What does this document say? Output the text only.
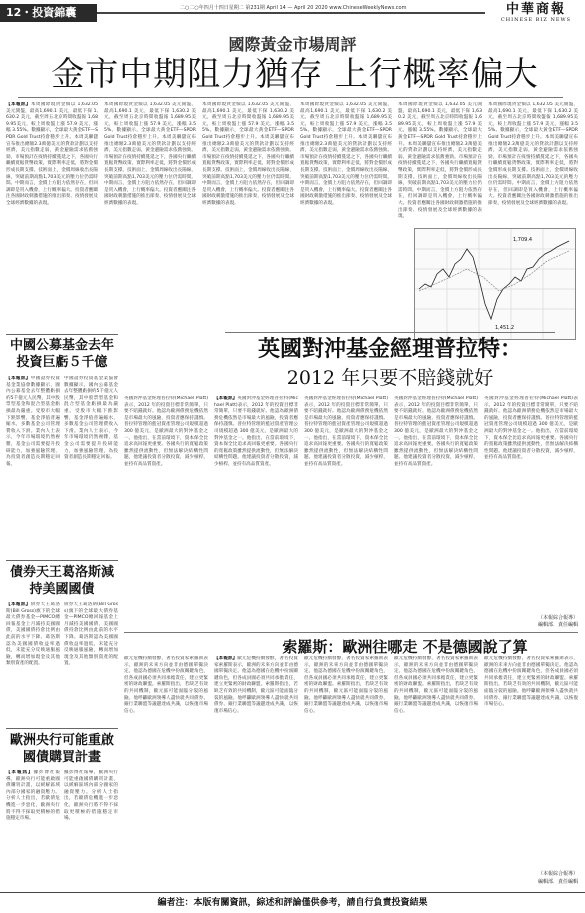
12・投資錦囊	二○二○年四月十四日星期二 第231期 April 14 — April 20 2020 www.ChineseWeeklyNews.com	中華商報
CHINESE BIZ NEWS
國際黃金市場周評
金市中期阻力猶存 上行概率偏大
【本報訊】本周國際現貨金價以 1,632.05 美元開盤，最高1,690.1 美元，最低下探 1,630.2 美元，截至周五北京時間收盤報 1,689.95美元，較上周收盤上漲 57.9 美元，漲幅 3.55%。數據顯示，全球最大黃金ETF—SPDR Gold Trust持倉穩步上升。本周美聯儲宣布推出總額2.3萬億美元的貸款計劃以支持經濟，美元指數走弱，黃金避險需求依舊強勁。市場預計在疫情持續蔓延之下，各國央行繼續寬鬆貨幣政策，實際利率走低，將對金價形成長期支撐。技術面上，金價周線收出長陽線，突破前期高點1,703美元的壓力位仍需時間。中期而言，金價上方阻力依然存在，但回調即是買入機會，上行概率偏大。投資者應關注各國財政刺激措施的推出節奏、疫情發展及全球經濟數據的表現。
本周國際現貨金價以 1,632.05 美元開盤，最高1,690.1 美元，最低下探 1,630.2 美元，截至周五北京時間收盤報 1,689.95美元，較上周收盤上漲 57.9 美元，漲幅 3.55%。數據顯示，全球最大黃金ETF—SPDR Gold Trust持倉穩步上升。本周美聯儲宣布推出總額2.3萬億美元的貸款計劃以支持經濟，美元指數走弱，黃金避險需求依舊強勁。市場預計在疫情持續蔓延之下，各國央行繼續寬鬆貨幣政策，實際利率走低，將對金價形成長期支撐。技術面上，金價周線收出長陽線，突破前期高點1,703美元的壓力位仍需時間。中期而言，金價上方阻力依然存在，但回調即是買入機會，上行概率偏大。投資者應關注各國財政刺激措施的推出節奏、疫情發展及全球經濟數據的表現。
本周國際現貨金價以 1,632.05 美元開盤，最高1,690.1 美元，最低下探 1,630.2 美元，截至周五北京時間收盤報 1,689.95美元，較上周收盤上漲 57.9 美元，漲幅 3.55%。數據顯示，全球最大黃金ETF—SPDR Gold Trust持倉穩步上升。本周美聯儲宣布推出總額2.3萬億美元的貸款計劃以支持經濟，美元指數走弱，黃金避險需求依舊強勁。市場預計在疫情持續蔓延之下，各國央行繼續寬鬆貨幣政策，實際利率走低，將對金價形成長期支撐。技術面上，金價周線收出長陽線，突破前期高點1,703美元的壓力位仍需時間。中期而言，金價上方阻力依然存在，但回調即是買入機會，上行概率偏大。投資者應關注各國財政刺激措施的推出節奏、疫情發展及全球經濟數據的表現。
本周國際現貨金價以 1,632.05 美元開盤，最高1,690.1 美元，最低下探 1,630.2 美元，截至周五北京時間收盤報 1,689.95美元，較上周收盤上漲 57.9 美元，漲幅 3.55%。數據顯示，全球最大黃金ETF—SPDR Gold Trust持倉穩步上升。本周美聯儲宣布推出總額2.3萬億美元的貸款計劃以支持經濟，美元指數走弱，黃金避險需求依舊強勁。市場預計在疫情持續蔓延之下，各國央行繼續寬鬆貨幣政策，實際利率走低，將對金價形成長期支撐。技術面上，金價周線收出長陽線，突破前期高點1,703美元的壓力位仍需時間。中期而言，金價上方阻力依然存在，但回調即是買入機會，上行概率偏大。投資者應關注各國財政刺激措施的推出節奏、疫情發展及全球經濟數據的表現。
本周國際現貨金價以 1,632.05 美元開盤，最高1,690.1 美元，最低下探 1,630.2 美元，截至周五北京時間收盤報 1,689.95美元，較上周收盤上漲 57.9 美元，漲幅 3.55%。數據顯示，全球最大黃金ETF—SPDR Gold Trust持倉穩步上升。本周美聯儲宣布推出總額2.3萬億美元的貸款計劃以支持經濟，美元指數走弱，黃金避險需求依舊強勁。市場預計在疫情持續蔓延之下，各國央行繼續寬鬆貨幣政策，實際利率走低，將對金價形成長期支撐。技術面上，金價周線收出長陽線，突破前期高點1,703美元的壓力位仍需時間。中期而言，金價上方阻力依然存在，但回調即是買入機會，上行概率偏大。投資者應關注各國財政刺激措施的推出節奏、疫情發展及全球經濟數據的表現。
本周國際現貨金價以 1,632.05 美元開盤，最高1,690.1 美元，最低下探 1,630.2 美元，截至周五北京時間收盤報 1,689.95美元，較上周收盤上漲 57.9 美元，漲幅 3.55%。數據顯示，全球最大黃金ETF—SPDR Gold Trust持倉穩步上升。本周美聯儲宣布推出總額2.3萬億美元的貸款計劃以支持經濟，美元指數走弱，黃金避險需求依舊強勁。市場預計在疫情持續蔓延之下，各國央行繼續寬鬆貨幣政策，實際利率走低，將對金價形成長期支撐。技術面上，金價周線收出長陽線，突破前期高點1,703美元的壓力位仍需時間。中期而言，金價上方阻力依然存在，但回調即是買入機會，上行概率偏大。投資者應關注各國財政刺激措施的推出節奏、疫情發展及全球經濟數據的表現。
1,709.4
1,451.2
英國對沖基金經理普拉特：
2012 年只要不賠錢就好
英國對沖基金經理普拉特(Michael Platt)表示，2012 年的投資目標非常簡單，只要不賠錢就好。他認為歐洲債務危機依然是市場最大的風險，投資者應保持謹慎。普拉特管理的藍冠資產管理公司規模超過 300 億美元，是歐洲最大的對沖基金之一。他指出，在當前環境下，資本保全比追求高回報更重要。各國央行的寬鬆政策雖然提供流動性，但無法解決結構性問題。他建議投資者分散投資，減少槓桿，並持有高品質資產。
【本報訊】英國對沖基金經理普拉特(Michael Platt)表示，2012 年的投資目標非常簡單，只要不賠錢就好。他認為歐洲債務危機依然是市場最大的風險，投資者應保持謹慎。普拉特管理的藍冠資產管理公司規模超過 300 億美元，是歐洲最大的對沖基金之一。他指出，在當前環境下，資本保全比追求高回報更重要。各國央行的寬鬆政策雖然提供流動性，但無法解決結構性問題。他建議投資者分散投資，減少槓桿，並持有高品質資產。
英國對沖基金經理普拉特(Michael Platt)表示，2012 年的投資目標非常簡單，只要不賠錢就好。他認為歐洲債務危機依然是市場最大的風險，投資者應保持謹慎。普拉特管理的藍冠資產管理公司規模超過 300 億美元，是歐洲最大的對沖基金之一。他指出，在當前環境下，資本保全比追求高回報更重要。各國央行的寬鬆政策雖然提供流動性，但無法解決結構性問題。他建議投資者分散投資，減少槓桿，並持有高品質資產。
英國對沖基金經理普拉特(Michael Platt)表示，2012 年的投資目標非常簡單，只要不賠錢就好。他認為歐洲債務危機依然是市場最大的風險，投資者應保持謹慎。普拉特管理的藍冠資產管理公司規模超過 300 億美元，是歐洲最大的對沖基金之一。他指出，在當前環境下，資本保全比追求高回報更重要。各國央行的寬鬆政策雖然提供流動性，但無法解決結構性問題。他建議投資者分散投資，減少槓桿，並持有高品質資產。
英國對沖基金經理普拉特(Michael Platt)表示，2012 年的投資目標非常簡單，只要不賠錢就好。他認為歐洲債務危機依然是市場最大的風險，投資者應保持謹慎。普拉特管理的藍冠資產管理公司規模超過 300 億美元，是歐洲最大的對沖基金之一。他指出，在當前環境下，資本保全比追求高回報更重要。各國央行的寬鬆政策雖然提供流動性，但無法解決結構性問題。他建議投資者分散投資，減少槓桿，並持有高品質資產。
（本報綜合報導）
編輯部．責任編輯
中國公募基金去年投資巨虧５千億
【本報訊】中國證券投資基金業協會數據顯示，國內公募基金去年整體虧損約5千億元人民幣，其中股票型基金和混合型基金虧損最為嚴重。受股市大幅下跌影響，基金淨值普遍縮水，多數基金公司管理費收入下滑。業內人士表示，今年市場環境仍然複雜，基金公司需要提升投研能力，加強風險管理，為投資者創造長期穩定回報。
中國證券投資基金業協會數據顯示，國內公募基金去年整體虧損約5千億元人民幣，其中股票型基金和混合型基金虧損最為嚴重。受股市大幅下跌影響，基金淨值普遍縮水，多數基金公司管理費收入下滑。業內人士表示，今年市場環境仍然複雜，基金公司需要提升投研能力，加強風險管理，為投資者創造長期穩定回報。
債券天王葛洛斯減持美國國債
【本報訊】債券天王葛洛斯(Bill Gross)旗下的全球最大債券基金—PIMCO總回報基金上月減持美國國債，美國國債持倉比例由此前的水平下降。葛洛斯認為美國國債收益率過低，未能充分反映通脹風險，轉而增加現金及其他類別資產的配置。
債券天王葛洛斯(Bill Gross)旗下的全球最大債券基金—PIMCO總回報基金上月減持美國國債，美國國債持倉比例由此前的水平下降。葛洛斯認為美國國債收益率過低，未能充分反映通脹風險，轉而增加現金及其他類別資產的配置。
歐洲央行可能重啟國債購買計畫
【本報訊】據彭博社報導，歐洲央行可能重啟國債購買計畫，以緩解區域內部分國家的融資壓力。分析人士指出，若歐債危機進一步惡化，歐洲央行將不得不採取更積極的措施穩定市場。
據彭博社報導，歐洲央行可能重啟國債購買計畫，以緩解區域內部分國家的融資壓力。分析人士指出，若歐債危機進一步惡化，歐洲央行將不得不採取更積極的措施穩定市場。
索羅斯：歐洲往哪走 不是德國說了算
歐元危機持續發酵，著名投資家索羅斯表示，歐洲的未來方向並非由德國單獨決定。他認為德國在危機中扮演關鍵角色，但各成員國必須共同承擔責任，建立更緊密的財政聯盟。索羅斯指出，若缺乏有效的共同機制，歐元區可能面臨分裂的風險。他呼籲歐洲領導人盡快就共同債券、銀行業聯盟等議題達成共識，以恢復市場信心。
【本報訊】歐元危機持續發酵，著名投資家索羅斯表示，歐洲的未來方向並非由德國單獨決定。他認為德國在危機中扮演關鍵角色，但各成員國必須共同承擔責任，建立更緊密的財政聯盟。索羅斯指出，若缺乏有效的共同機制，歐元區可能面臨分裂的風險。他呼籲歐洲領導人盡快就共同債券、銀行業聯盟等議題達成共識，以恢復市場信心。
歐元危機持續發酵，著名投資家索羅斯表示，歐洲的未來方向並非由德國單獨決定。他認為德國在危機中扮演關鍵角色，但各成員國必須共同承擔責任，建立更緊密的財政聯盟。索羅斯指出，若缺乏有效的共同機制，歐元區可能面臨分裂的風險。他呼籲歐洲領導人盡快就共同債券、銀行業聯盟等議題達成共識，以恢復市場信心。
歐元危機持續發酵，著名投資家索羅斯表示，歐洲的未來方向並非由德國單獨決定。他認為德國在危機中扮演關鍵角色，但各成員國必須共同承擔責任，建立更緊密的財政聯盟。索羅斯指出，若缺乏有效的共同機制，歐元區可能面臨分裂的風險。他呼籲歐洲領導人盡快就共同債券、銀行業聯盟等議題達成共識，以恢復市場信心。
歐元危機持續發酵，著名投資家索羅斯表示，歐洲的未來方向並非由德國單獨決定。他認為德國在危機中扮演關鍵角色，但各成員國必須共同承擔責任，建立更緊密的財政聯盟。索羅斯指出，若缺乏有效的共同機制，歐元區可能面臨分裂的風險。他呼籲歐洲領導人盡快就共同債券、銀行業聯盟等議題達成共識，以恢復市場信心。
（本報綜合報導）
編輯部．責任編輯
編者注：本版有關資訊，綜述和評論僅供參考，請自行負責投資結果
